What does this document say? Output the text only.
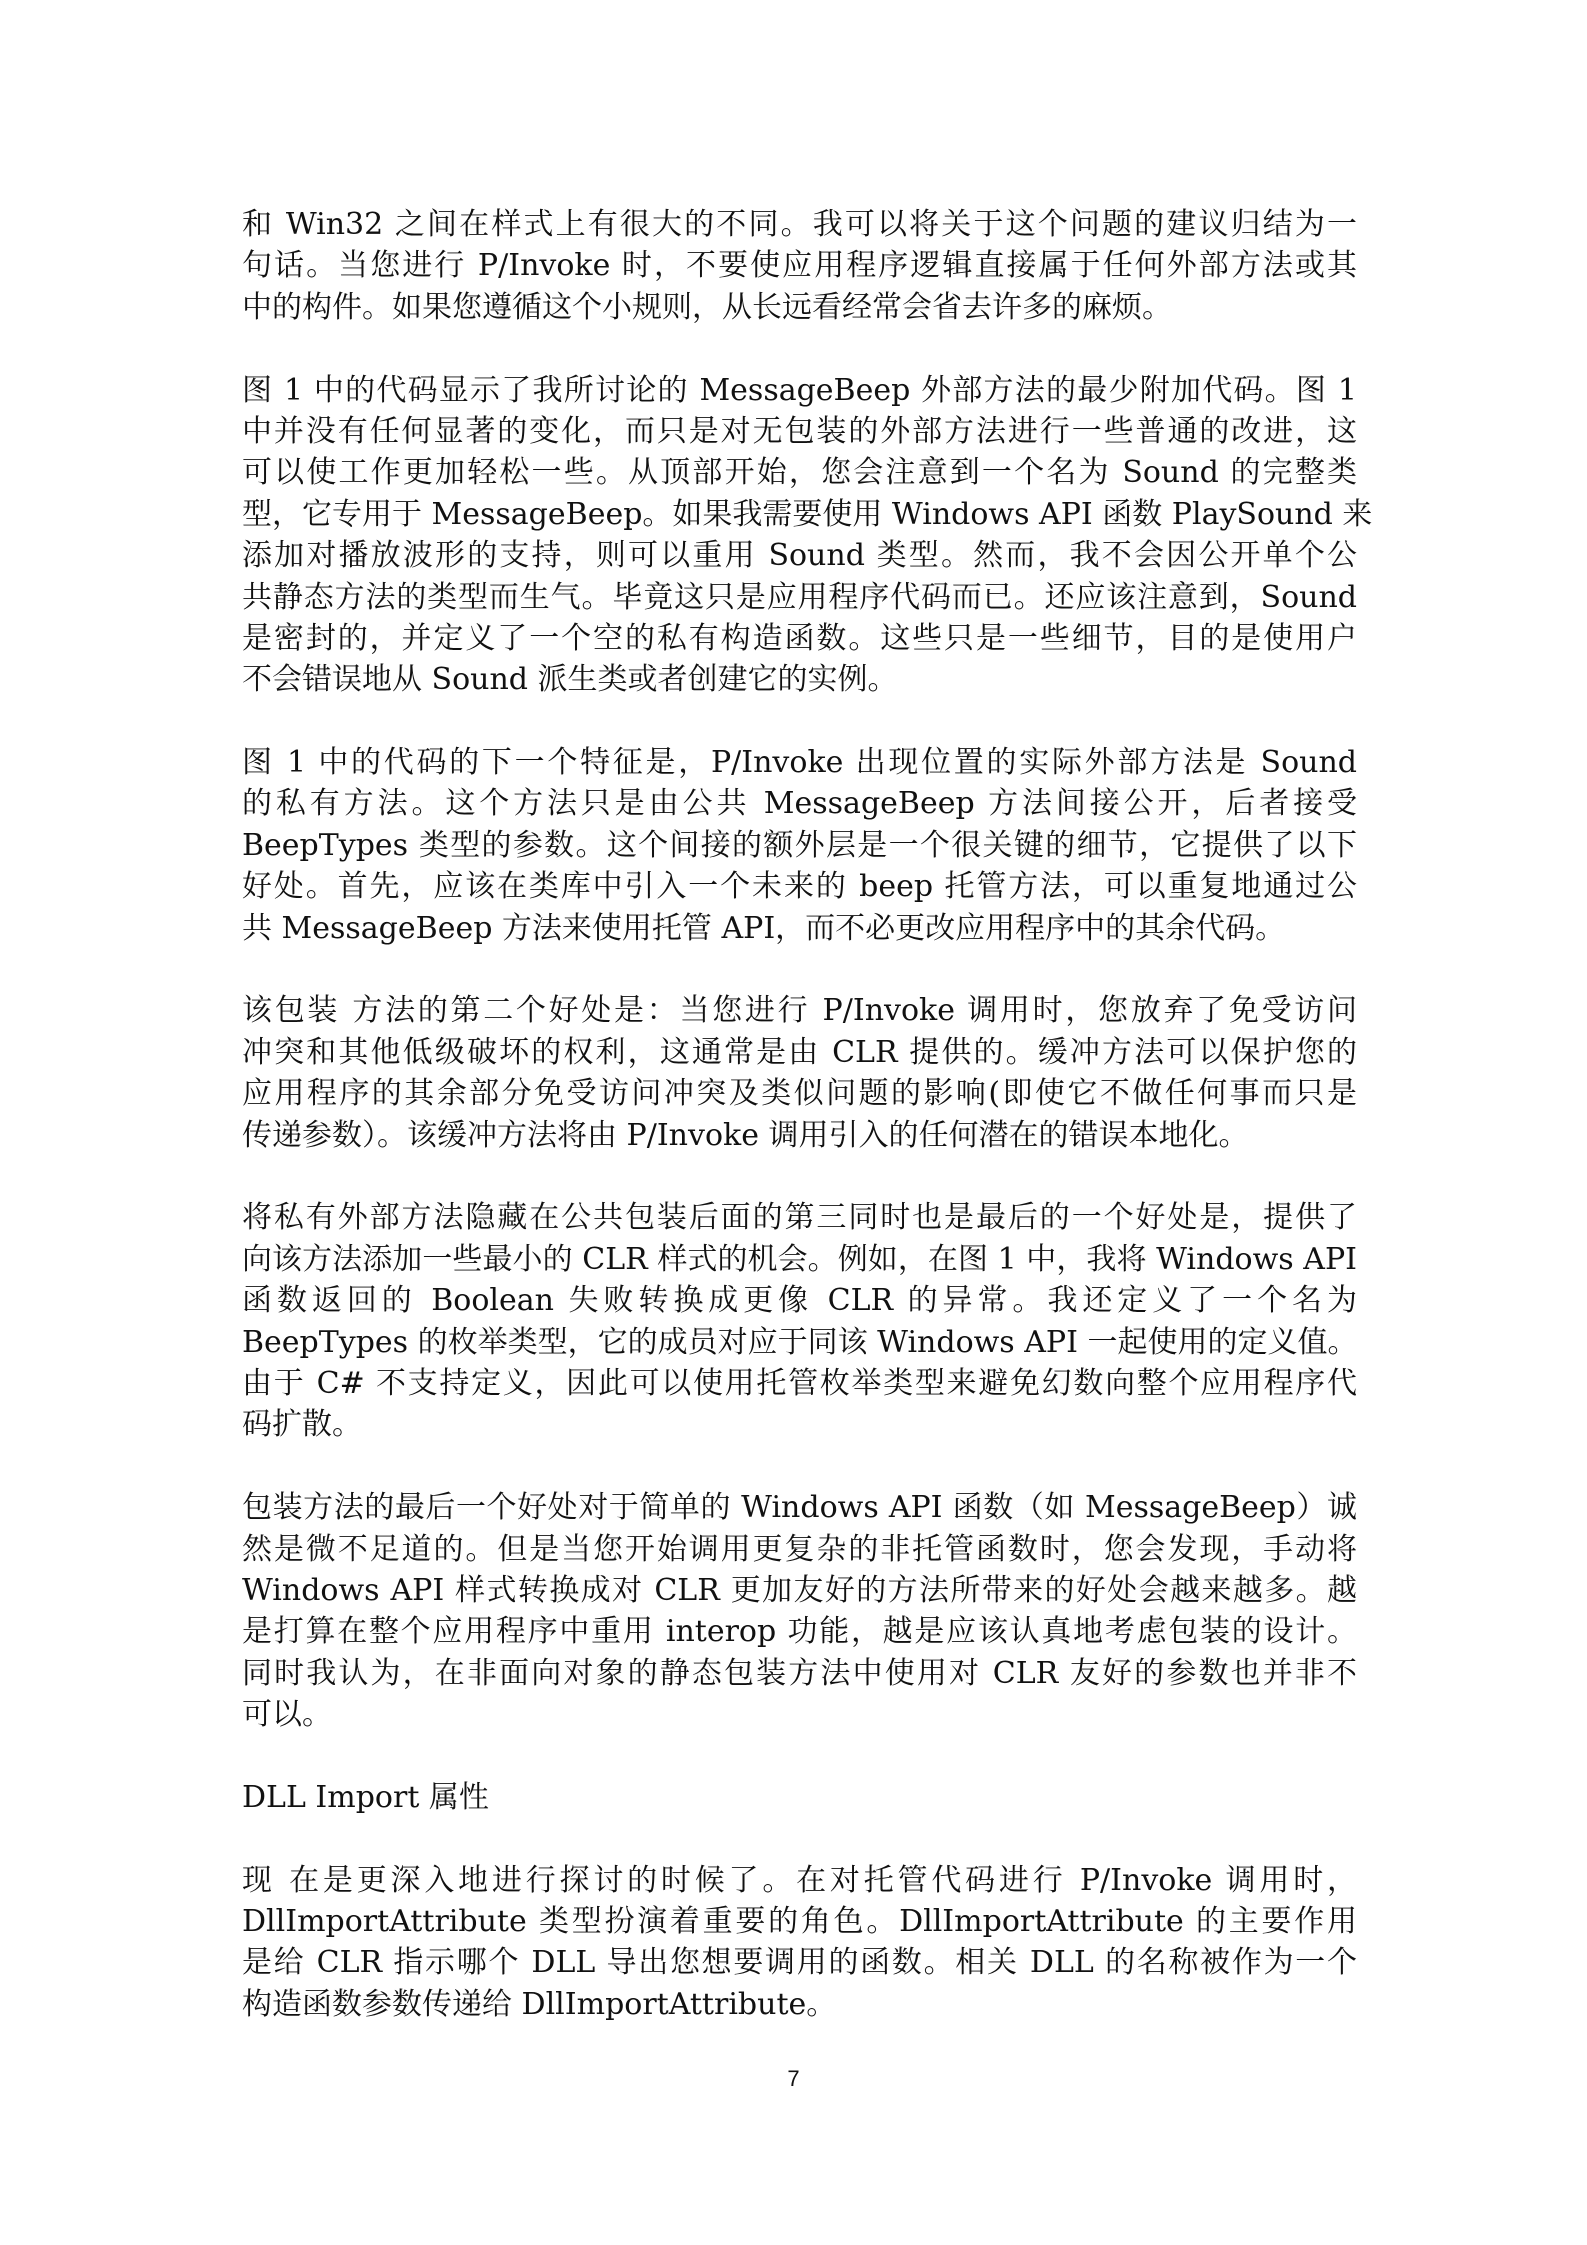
和 Win32 之间在样式上有很大的不同。我可以将关于这个问题的建议归结为一
句话。当您进行 P/Invoke 时，不要使应用程序逻辑直接属于任何外部方法或其
中的构件。如果您遵循这个小规则，从长远看经常会省去许多的麻烦。
图 1 中的代码显示了我所讨论的 MessageBeep 外部方法的最少附加代码。图 1
中并没有任何显著的变化，而只是对无包装的外部方法进行一些普通的改进，这
可以使工作更加轻松一些。从顶部开始，您会注意到一个名为 Sound 的完整类
型，它专用于 MessageBeep。如果我需要使用 Windows API 函数 PlaySound 来
添加对播放波形的支持，则可以重用 Sound 类型。然而，我不会因公开单个公
共静态方法的类型而生气。毕竟这只是应用程序代码而已。还应该注意到，Sound
是密封的，并定义了一个空的私有构造函数。这些只是一些细节，目的是使用户
不会错误地从 Sound 派生类或者创建它的实例。
图 1 中的代码的下一个特征是，P/Invoke 出现位置的实际外部方法是 Sound
的私有方法。这个方法只是由公共 MessageBeep 方法间接公开，后者接受
BeepTypes 类型的参数。这个间接的额外层是一个很关键的细节，它提供了以下
好处。首先，应该在类库中引入一个未来的 beep 托管方法，可以重复地通过公
共 MessageBeep 方法来使用托管 API，而不必更改应用程序中的其余代码。
该包装 方法的第二个好处是：当您进行 P/Invoke 调用时，您放弃了免受访问
冲突和其他低级破坏的权利，这通常是由 CLR 提供的。缓冲方法可以保护您的
应用程序的其余部分免受访问冲突及类似问题的影响(即使它不做任何事而只是
传递参数）。该缓冲方法将由 P/Invoke 调用引入的任何潜在的错误本地化。
将私有外部方法隐藏在公共包装后面的第三同时也是最后的一个好处是，提供了
向该方法添加一些最小的 CLR 样式的机会。例如，在图 1 中，我将 Windows API
函数返回的 Boolean 失败转换成更像 CLR 的异常。我还定义了一个名为
BeepTypes 的枚举类型，它的成员对应于同该 Windows API 一起使用的定义值。
由于 C# 不支持定义，因此可以使用托管枚举类型来避免幻数向整个应用程序代
码扩散。
包装方法的最后一个好处对于简单的 Windows API 函数（如 MessageBeep）诚
然是微不足道的。但是当您开始调用更复杂的非托管函数时，您会发现，手动将
Windows API 样式转换成对 CLR 更加友好的方法所带来的好处会越来越多。越
是打算在整个应用程序中重用 interop 功能，越是应该认真地考虑包装的设计。
同时我认为，在非面向对象的静态包装方法中使用对 CLR 友好的参数也并非不
可以。
DLL Import 属性
现 在是更深入地进行探讨的时候了。在对托管代码进行 P/Invoke 调用时，
DllImportAttribute 类型扮演着重要的角色。DllImportAttribute 的主要作用
是给 CLR 指示哪个 DLL 导出您想要调用的函数。相关 DLL 的名称被作为一个
构造函数参数传递给 DllImportAttribute。
7
